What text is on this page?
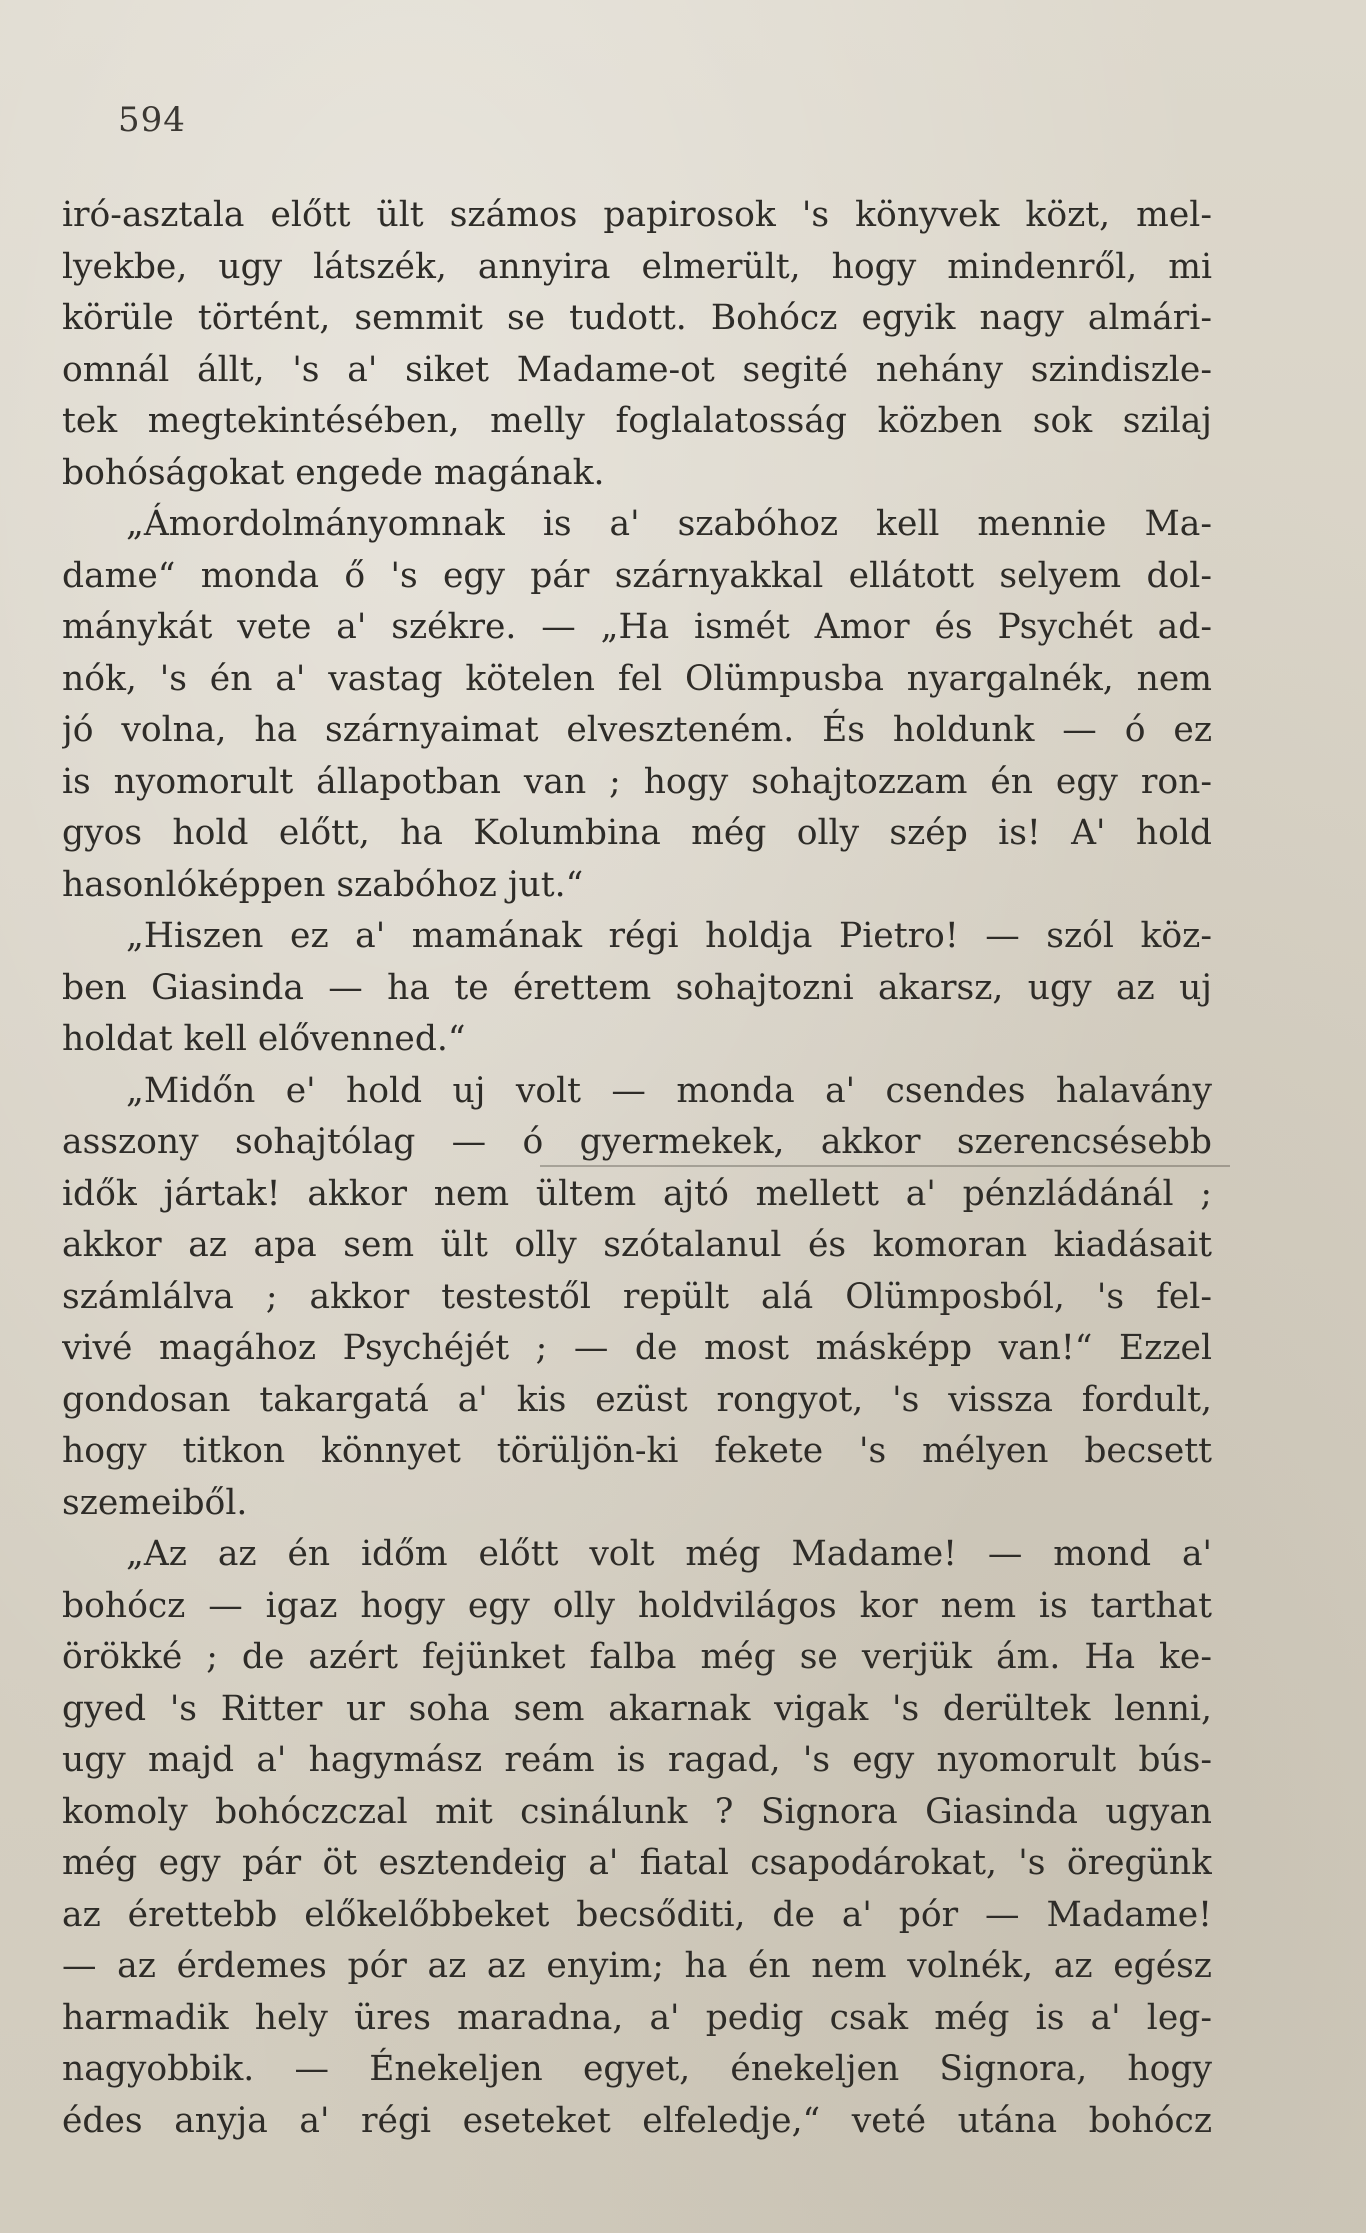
594
iró-asztala előtt ült számos papirosok 's könyvek közt, mel-
lyekbe, ugy látszék, annyira elmerült, hogy mindenről, mi
körüle történt, semmit se tudott. Bohócz egyik nagy almári-
omnál állt, 's a' siket Madame-ot segité nehány szindiszle-
tek megtekintésében, melly foglalatosság közben sok szilaj
bohóságokat engede magának.
„Ámordolmányomnak is a' szabóhoz kell mennie Ma-
dame“ monda ő 's egy pár szárnyakkal ellátott selyem dol-
mánykát vete a' székre. — „Ha ismét Amor és Psychét ad-
nók, 's én a' vastag kötelen fel Olümpusba nyargalnék, nem
jó volna, ha szárnyaimat elveszteném. És holdunk — ó ez
is nyomorult állapotban van ; hogy sohajtozzam én egy ron-
gyos hold előtt, ha Kolumbina még olly szép is! A' hold
hasonlóképpen szabóhoz jut.“
„Hiszen ez a' mamának régi holdja Pietro! — szól köz-
ben Giasinda — ha te érettem sohajtozni akarsz, ugy az uj
holdat kell elővenned.“
„Midőn e' hold uj volt — monda a' csendes halavány
asszony sohajtólag — ó gyermekek, akkor szerencsésebb
idők jártak! akkor nem ültem ajtó mellett a' pénzládánál ;
akkor az apa sem ült olly szótalanul és komoran kiadásait
számlálva ; akkor testestől repült alá Olümposból, 's fel-
vivé magához Psychéjét ; — de most másképp van!“ Ezzel
gondosan takargatá a' kis ezüst rongyot, 's vissza fordult,
hogy titkon könnyet törüljön-ki fekete 's mélyen becsett
szemeiből.
„Az az én időm előtt volt még Madame! — mond a'
bohócz — igaz hogy egy olly holdvilágos kor nem is tarthat
örökké ; de azért fejünket falba még se verjük ám. Ha ke-
gyed 's Ritter ur soha sem akarnak vigak 's derültek lenni,
ugy majd a' hagymász reám is ragad, 's egy nyomorult bús-
komoly bohóczczal mit csinálunk ? Signora Giasinda ugyan
még egy pár öt esztendeig a' fiatal csapodárokat, 's öregünk
az érettebb előkelőbbeket becsőditi, de a' pór — Madame!
— az érdemes pór az az enyim; ha én nem volnék, az egész
harmadik hely üres maradna, a' pedig csak még is a' leg-
nagyobbik. — Énekeljen egyet, énekeljen Signora, hogy
édes anyja a' régi eseteket elfeledje,“ veté utána bohócz
